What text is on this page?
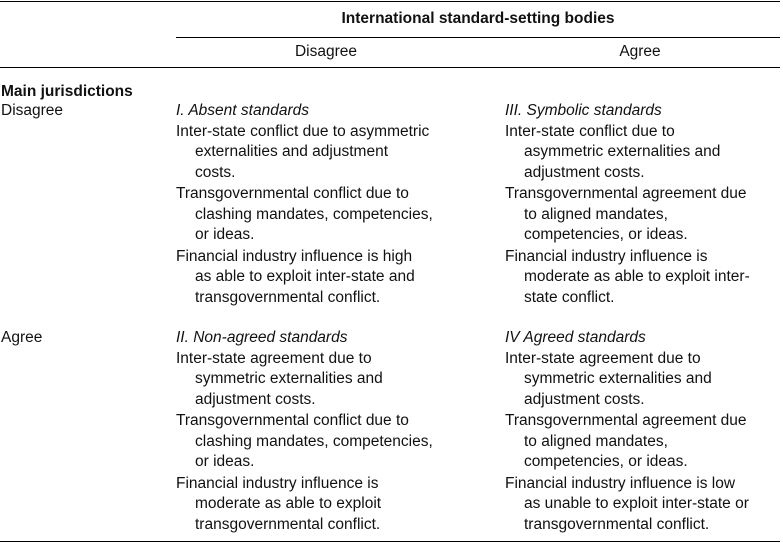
International standard-setting bodies
Disagree	Agree
Main jurisdictions
Disagree
Agree
I. Absent standards
Inter-state conflict due to asymmetric
externalities and adjustment
costs.
Transgovernmental conflict due to
clashing mandates, competencies,
or ideas.
Financial industry influence is high
as able to exploit inter-state and
transgovernmental conflict.
III. Symbolic standards
Inter-state conflict due to
asymmetric externalities and
adjustment costs.
Transgovernmental agreement due
to aligned mandates,
competencies, or ideas.
Financial industry influence is
moderate as able to exploit inter-
state conflict.
II. Non-agreed standards
Inter-state agreement due to
symmetric externalities and
adjustment costs.
Transgovernmental conflict due to
clashing mandates, competencies,
or ideas.
Financial industry influence is
moderate as able to exploit
transgovernmental conflict.
IV Agreed standards
Inter-state agreement due to
symmetric externalities and
adjustment costs.
Transgovernmental agreement due
to aligned mandates,
competencies, or ideas.
Financial industry influence is low
as unable to exploit inter-state or
transgovernmental conflict.
